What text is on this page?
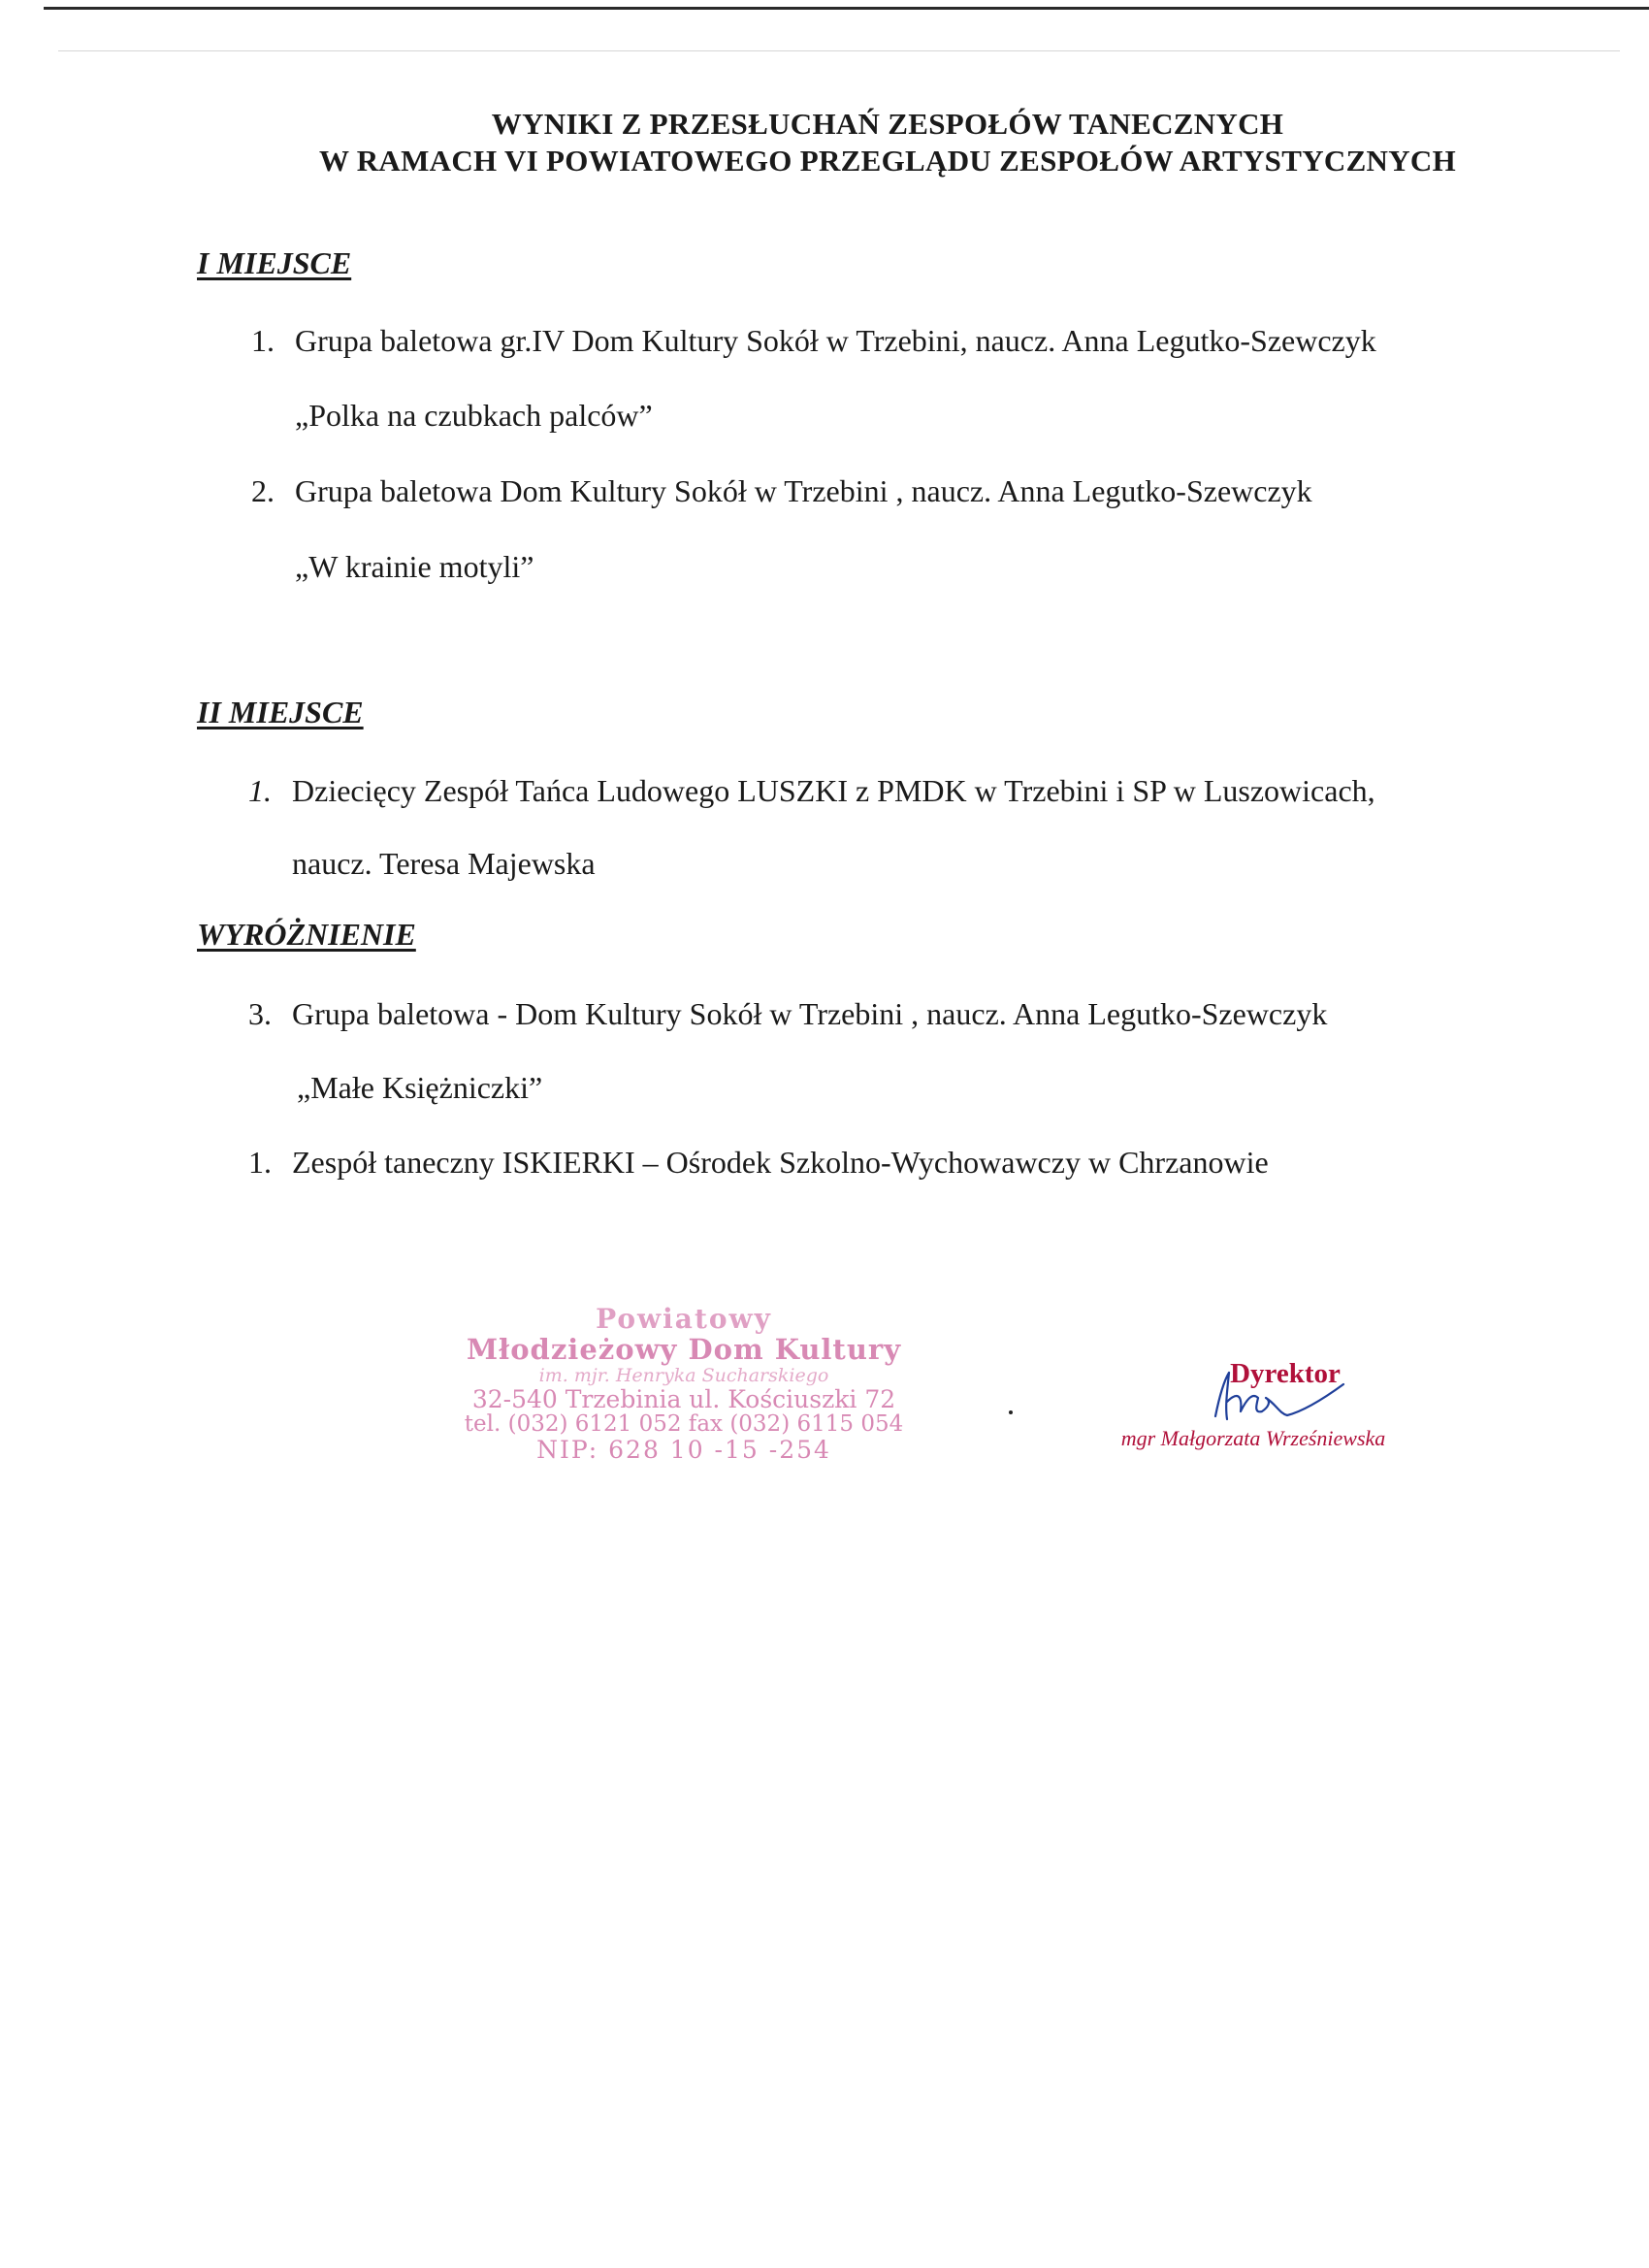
WYNIKI Z PRZESŁUCHAŃ ZESPOŁÓW TANECZNYCH
W RAMACH VI POWIATOWEGO PRZEGLĄDU ZESPOŁÓW ARTYSTYCZNYCH
I MIEJSCE
1. Grupa baletowa gr.IV Dom Kultury Sokół w Trzebini, naucz. Anna Legutko-Szewczyk
„Polka na czubkach palców”
2. Grupa baletowa Dom Kultury Sokół w Trzebini , naucz. Anna Legutko-Szewczyk
„W krainie motyli”
II MIEJSCE
1. Dziecięcy Zespół Tańca Ludowego LUSZKI z PMDK w Trzebini i SP w Luszowicach,
naucz. Teresa Majewska
WYRÓŻNIENIE
3. Grupa baletowa - Dom Kultury Sokół w Trzebini , naucz. Anna Legutko-Szewczyk
„Małe Księżniczki”
1. Zespół taneczny ISKIERKI – Ośrodek Szkolno-Wychowawczy w Chrzanowie
Powiatowy
Młodzieżowy Dom Kultury
im. mjr. Henryka Sucharskiego
32-540 Trzebinia ul. Kościuszki 72
tel. (032) 6121 052 fax (032) 6115 054
NIP: 628 10 -15 -254
Dyrektor
mgr Małgorzata Wrześniewska
